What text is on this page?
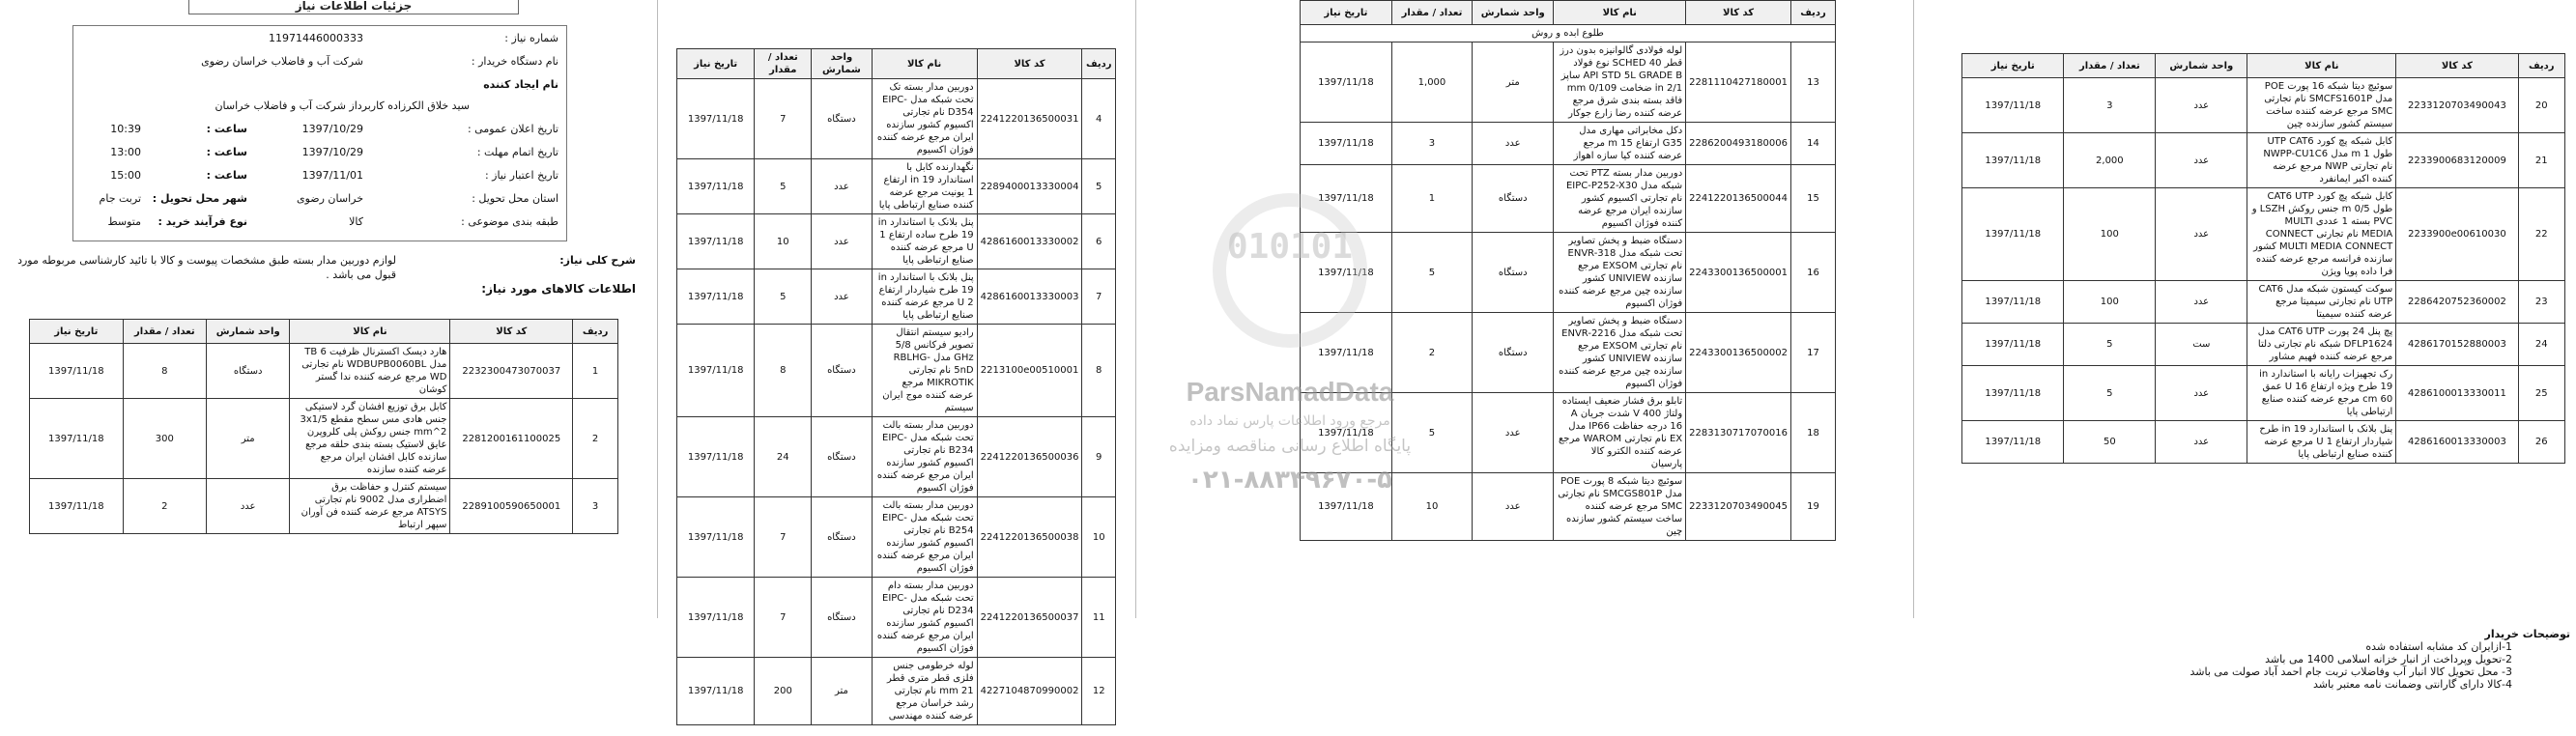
جزئیات اطلاعات نیاز
شماره نیاز :
11971446000333
نام دستگاه خریدار :
شرکت آب و فاضلاب خراسان رضوی
نام ایجاد کننده
سید خلاق الکرزاده کاربرداز شرکت آب و فاضلاب خراسان
تاریخ اعلان عمومی :
1397/10/29
ساعت :
10:39
تاریخ اتمام مهلت :
1397/10/29
ساعت :
13:00
تاریخ اعتبار نیاز :
1397/11/01
ساعت :
15:00
استان محل تحویل :
خراسان رضوی
شهر محل تحویل :
تربت جام
طبقه بندی موضوعی :
کالا
نوع فرآیند خرید :
متوسط
شرح کلی نیاز:
لوازم دوربین مدار بسته طبق مشخصات پیوست و کالا با تائید کارشناسی مربوطه مورد قبول می باشد .
اطلاعات کالاهای مورد نیاز:
ردیف	کد کالا	نام کالا	واحد شمارش	تعداد / مقدار	تاریخ نیاز
1	2232300473070037	هارد دیسک اکسترنال ظرفیت 6 TB مدل WDBUPB0060BL نام تجارتی WD مرجع عرضه کننده ندا گستر کوشان	دستگاه	8	1397/11/18
2	2281200161100025	کابل برق توزیع افشان گرد لاستیکی جنس هادی مس سطح مقطع 3x1/5 mm^2 جنس روکش پلی کلروپرن عایق لاستیک بسته بندی حلقه مرجع سازنده کابل افشان ایران مرجع عرضه کننده سازنده	متر	300	1397/11/18
3	2289100590650001	سیستم کنترل و حفاظت برق اضطراری مدل 9002 نام تجارتی ATSYS مرجع عرضه کننده فن آوران سپهر ارتباط	عدد	2	1397/11/18
ردیف	کد کالا	نام کالا	واحد شمارش	تعداد / مقدار	تاریخ نیاز
4	2241220136500031	دوربین مدار بسته تک تحت شبکه مدل EIPC-D354 نام تجارتی اکسیوم کشور سازنده ایران مرجع عرضه کننده فوژان اکسیوم	دستگاه	7	1397/11/18
5	2289400013330004	نگهدارنده کابل با استاندارد in 19 ارتفاع 1 یونیت مرجع عرضه کننده صنایع ارتباطی پایا	عدد	5	1397/11/18
6	4286160013330002	پنل بلانک با استاندارد in 19 طرح ساده ارتفاع 1 U مرجع عرضه کننده صنایع ارتباطی پایا	عدد	10	1397/11/18
7	4286160013330003	پنل بلانک با استاندارد in 19 طرح شیاردار ارتفاع 2 U مرجع عرضه کننده صنایع ارتباطی پایا	عدد	5	1397/11/18
8	2213100e00510001	رادیو سیستم انتقال تصویر فرکانس 5/8 GHz مدل RBLHG-5nD نام تجارتی MIKROTIK مرجع عرضه کننده موج ایران سیستم	دستگاه	8	1397/11/18
9	2241220136500036	دوربین مدار بسته بالت تحت شبکه مدل EIPC-B234 نام تجارتی اکسیوم کشور سازنده ایران مرجع عرضه کننده فوژان اکسیوم	دستگاه	24	1397/11/18
10	2241220136500038	دوربین مدار بسته بالت تحت شبکه مدل EIPC-B254 نام تجارتی اکسیوم کشور سازنده ایران مرجع عرضه کننده فوژان اکسیوم	دستگاه	7	1397/11/18
11	2241220136500037	دوربین مدار بسته دام تحت شبکه مدل EIPC-D234 نام تجارتی اکسیوم کشور سازنده ایران مرجع عرضه کننده فوژان اکسیوم	دستگاه	7	1397/11/18
12	4227104870990002	لوله خرطومی جنس فلزی قطر متری قطر mm 21 نام تجارتی رشد خراسان مرجع عرضه کننده مهندسی	متر	200	1397/11/18
ردیف	کد کالا	نام کالا	واحد شمارش	تعداد / مقدار	تاریخ نیاز
طلوع ابده و روش					
13	2281110427180001	لوله فولادی گالوانیزه بدون درز قطر 40 SCHED نوع فولاد API STD 5L GRADE B ساپز in 2/1 ضخامت mm 0/109 فاقد بسته بندی شرق مرجع عرضه کننده رضا زارع جوکار	متر	1,000	1397/11/18
14	2286200493180006	دکل مخابراتی مهاری مدل G35 ارتفاع m 15 مرجع عرضه کننده کیا سازه اهواز	عدد	3	1397/11/18
15	2241220136500044	دوربین مدار بسته PTZ تحت شبکه مدل EIPC-P252-X30 نام تجارتی اکسیوم کشور سازنده ایران مرجع عرضه کننده فوژان اکسیوم	دستگاه	1	1397/11/18
16	2243300136500001	دستگاه ضبط و پخش تصاویر تحت شبکه مدل ENVR-318 نام تجارتی EXSOM مرجع سازنده UNIVIEW کشور سازنده چین مرجع عرضه کننده فوژان اکسیوم	دستگاه	5	1397/11/18
17	2243300136500002	دستگاه ضبط و پخش تصاویر تحت شبکه مدل ENVR-2216 نام تجارتی EXSOM مرجع سازنده UNIVIEW کشور سازنده چین مرجع عرضه کننده فوژان اکسیوم	دستگاه	2	1397/11/18
18	2283130717070016	تابلو برق فشار ضعیف ایستاده ولتاژ V 400 شدت جریان A 16 درجه حفاظت IP66 مدل EX نام تجارتی WAROM مرجع عرضه کننده الکترو کالا پارسیان	عدد	5	1397/11/18
19	2233120703490045	سوئیچ دیتا شبکه 8 پورت POE مدل SMCGS801P نام تجارتی SMC مرجع عرضه کننده ساخت سیستم کشور سازنده چین	عدد	10	1397/11/18
ردیف	کد کالا	نام کالا	واحد شمارش	تعداد / مقدار	تاریخ نیاز
20	2233120703490043	سوئیچ دیتا شبکه 16 پورت POE مدل SMCFS1601P نام تجارتی SMC مرجع عرضه کننده ساخت سیستم کشور سازنده چین	عدد	3	1397/11/18
21	2233900683120009	کابل شبکه پچ کورد UTP CAT6 طول m 1 مدل NWPP-CU1C6 نام تجارتی NWP مرجع عرضه کننده اکبر ایمانفرد	عدد	2,000	1397/11/18
22	2233900e00610030	کابل شبکه پچ کورد CAT6 UTP طول m 0/5 جنس روکش LSZH و PVC بسته 1 عددی MULTI MEDIA نام تجارتی CONNECT MULTI MEDIA CONNECT کشور سازنده فرانسه مرجع عرضه کننده فرا داده پویا ویژن	عدد	100	1397/11/18
23	2286420752360002	سوکت کیستون شبکه مدل CAT6 UTP نام تجارتی سیمیتا مرجع عرضه کننده سیمیتا	عدد	100	1397/11/18
24	4286170152880003	پچ پنل 24 پورت CAT6 UTP مدل DFLP1624 شبکه نام تجارتی دلتا مرجع عرضه کننده فهیم مشاور	ست	5	1397/11/18
25	4286100013330011	رک تجهیزات رایانه با استاندارد in 19 طرح ویژه ارتفاع U 16 عمق cm 60 مرجع عرضه کننده صنایع ارتباطی پایا	عدد	5	1397/11/18
26	4286160013330003	پنل بلانک با استاندارد in 19 طرح شیاردار ارتفاع 1 U مرجع عرضه کننده صنایع ارتباطی پایا	عدد	50	1397/11/18
010101
ParsNamadData
مرجع ورود اطلاعات پارس نماد داده
پایگاه اطلاع رسانی مناقصه ومزایده
۰۲۱-۸۸۳۴۹۶۷۰-۵
توضیحات خریدار
1-ازایران کد مشابه استفاده شده
2-تحویل وپرداخت از انبار خزانه اسلامی 1400 می باشد
3- محل تحویل کالا انبار آب وفاضلاب تربت جام احمد آباد صولت می باشد
4-کالا دارای گارانتی وضمانت نامه معتبر باشد
